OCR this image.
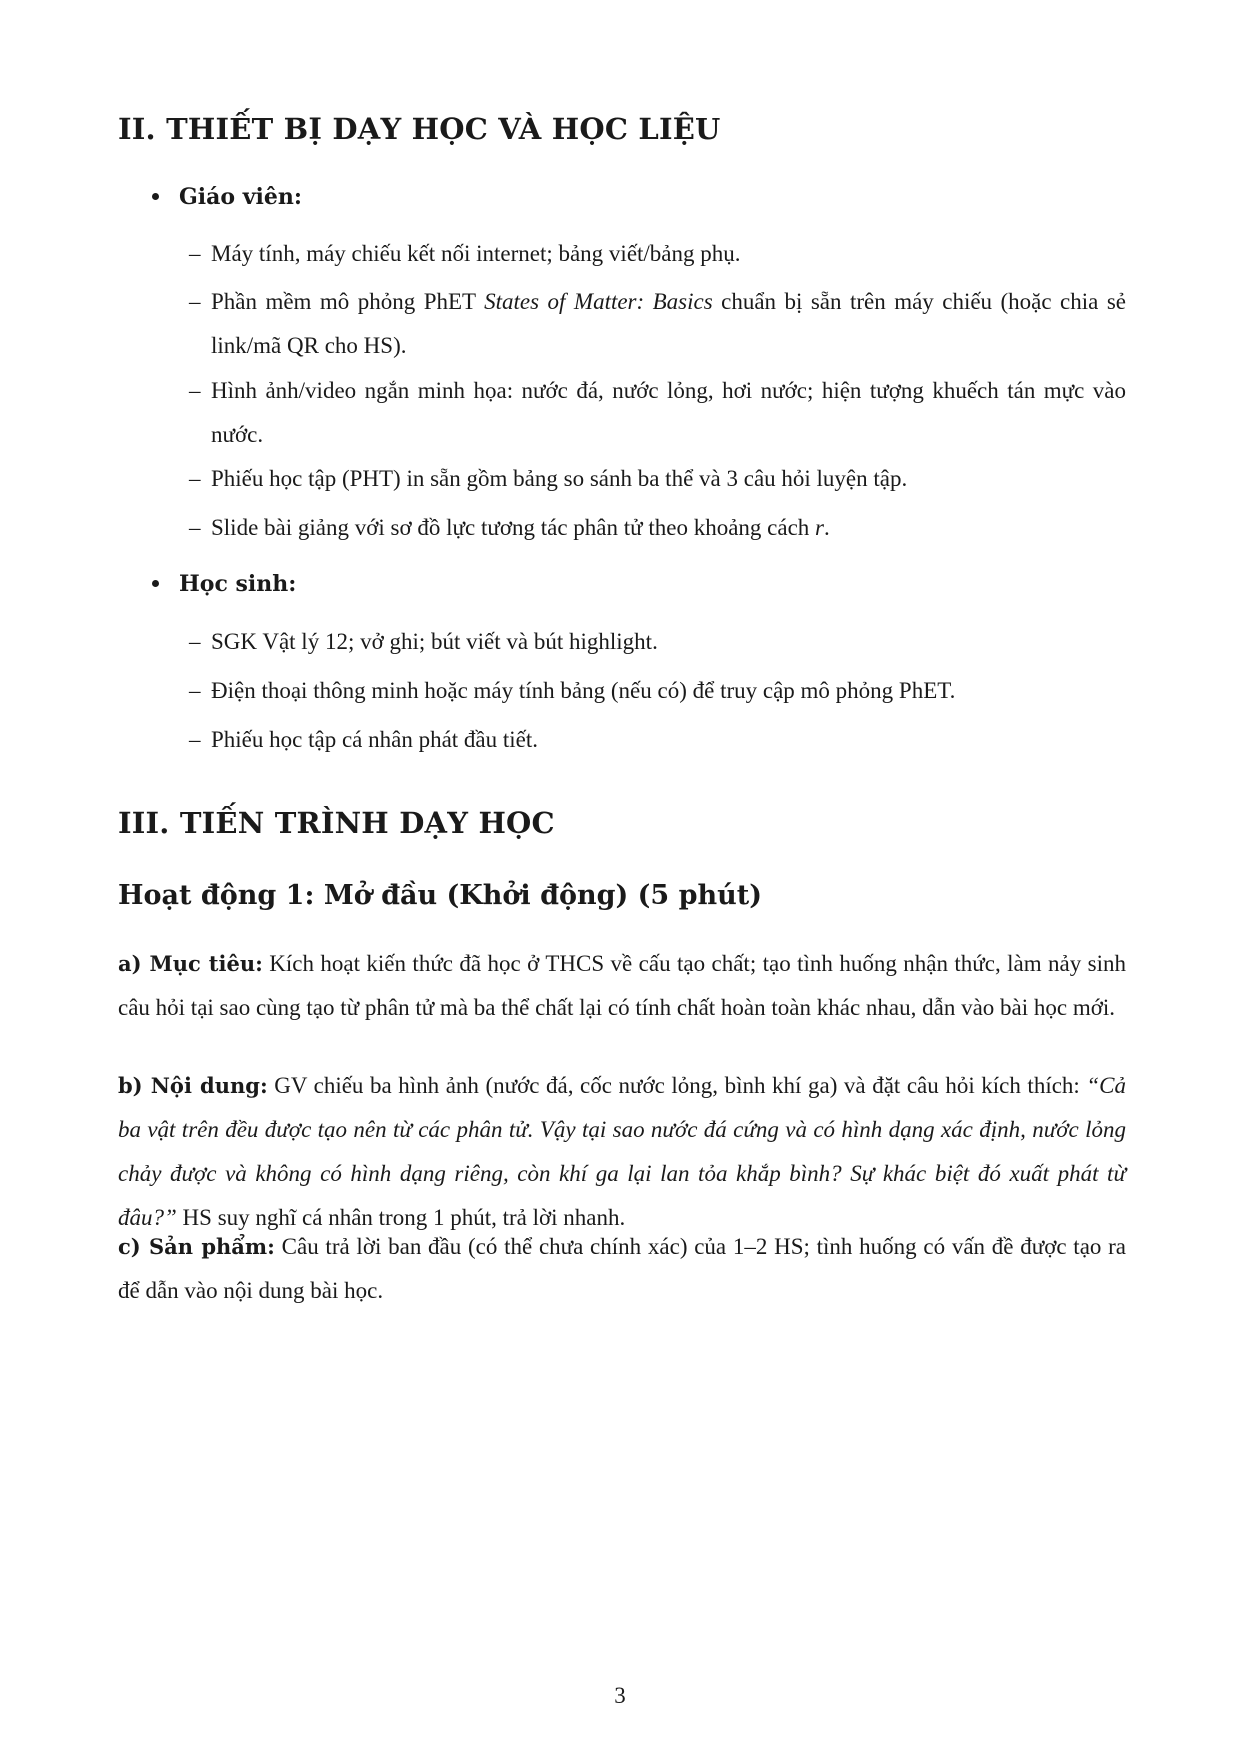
II. THIẾT BỊ DẠY HỌC VÀ HỌC LIỆU
Giáo viên:
– Máy tính, máy chiếu kết nối internet; bảng viết/bảng phụ.
– Phần mềm mô phỏng PhET States of Matter: Basics chuẩn bị sẵn trên máy chiếu (hoặc chia sẻ link/mã QR cho HS).
– Hình ảnh/video ngắn minh họa: nước đá, nước lỏng, hơi nước; hiện tượng khuếch tán mực vào nước.
– Phiếu học tập (PHT) in sẵn gồm bảng so sánh ba thể và 3 câu hỏi luyện tập.
– Slide bài giảng với sơ đồ lực tương tác phân tử theo khoảng cách r.
Học sinh:
– SGK Vật lý 12; vở ghi; bút viết và bút highlight.
– Điện thoại thông minh hoặc máy tính bảng (nếu có) để truy cập mô phỏng PhET.
– Phiếu học tập cá nhân phát đầu tiết.
III. TIẾN TRÌNH DẠY HỌC
Hoạt động 1: Mở đầu (Khởi động) (5 phút)
a) Mục tiêu: Kích hoạt kiến thức đã học ở THCS về cấu tạo chất; tạo tình huống nhận thức, làm nảy sinh câu hỏi tại sao cùng tạo từ phân tử mà ba thể chất lại có tính chất hoàn toàn khác nhau, dẫn vào bài học mới.
b) Nội dung: GV chiếu ba hình ảnh (nước đá, cốc nước lỏng, bình khí ga) và đặt câu hỏi kích thích: “Cả ba vật trên đều được tạo nên từ các phân tử. Vậy tại sao nước đá cứng và có hình dạng xác định, nước lỏng chảy được và không có hình dạng riêng, còn khí ga lại lan tỏa khắp bình? Sự khác biệt đó xuất phát từ đâu?” HS suy nghĩ cá nhân trong 1 phút, trả lời nhanh.
c) Sản phẩm: Câu trả lời ban đầu (có thể chưa chính xác) của 1–2 HS; tình huống có vấn đề được tạo ra để dẫn vào nội dung bài học.
3
